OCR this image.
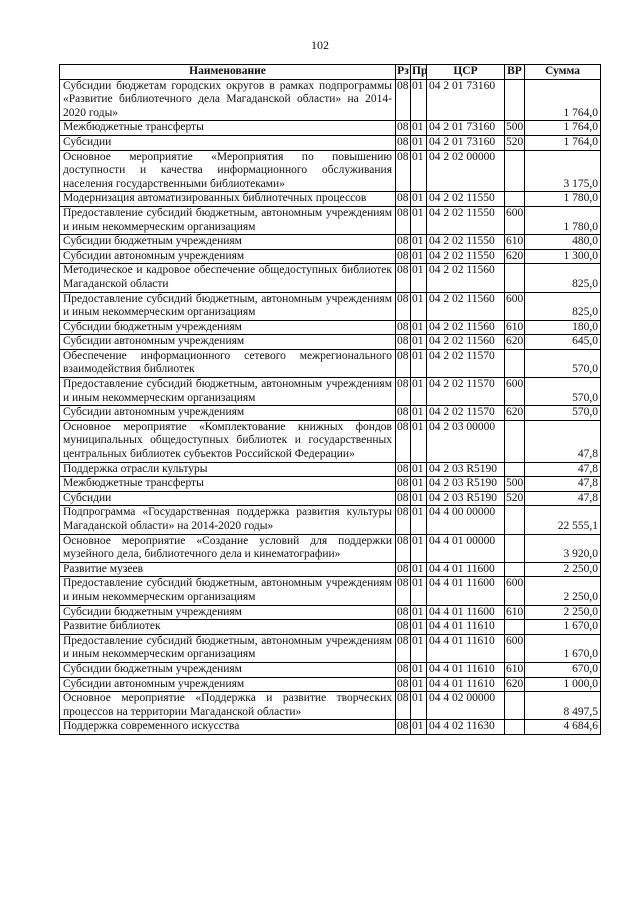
102
Наименование	Рз	Пр	ЦСР	ВР	Сумма
Субсидии бюджетам городских округов в рамках подпрограммы «Развитие библиотечного дела Магаданской области» на 2014-2020 годы»	08	01	04 2 01 73160		1 764,0
Межбюджетные трансферты	08	01	04 2 01 73160	500	1 764,0
Субсидии	08	01	04 2 01 73160	520	1 764,0
Основное мероприятие «Мероприятия по повышению доступности и качества информационного обслуживания населения государственными библиотеками»	08	01	04 2 02 00000		3 175,0
Модернизация автоматизированных библиотечных процессов	08	01	04 2 02 11550		1 780,0
Предоставление субсидий бюджетным, автономным учреждениям и иным некоммерческим организациям	08	01	04 2 02 11550	600	1 780,0
Субсидии бюджетным учреждениям	08	01	04 2 02 11550	610	480,0
Субсидии автономным учреждениям	08	01	04 2 02 11550	620	1 300,0
Методическое и кадровое обеспечение общедоступных библиотек Магаданской области	08	01	04 2 02 11560		825,0
Предоставление субсидий бюджетным, автономным учреждениям и иным некоммерческим организациям	08	01	04 2 02 11560	600	825,0
Субсидии бюджетным учреждениям	08	01	04 2 02 11560	610	180,0
Субсидии автономным учреждениям	08	01	04 2 02 11560	620	645,0
Обеспечение информационного сетевого межрегионального взаимодействия библиотек	08	01	04 2 02 11570		570,0
Предоставление субсидий бюджетным, автономным учреждениям и иным некоммерческим организациям	08	01	04 2 02 11570	600	570,0
Субсидии автономным учреждениям	08	01	04 2 02 11570	620	570,0
Основное мероприятие «Комплектование книжных фондов муниципальных общедоступных библиотек и государственных центральных библиотек субъектов Российской Федерации»	08	01	04 2 03 00000		47,8
Поддержка отрасли культуры	08	01	04 2 03 R5190		47,8
Межбюджетные трансферты	08	01	04 2 03 R5190	500	47,8
Субсидии	08	01	04 2 03 R5190	520	47,8
Подпрограмма «Государственная поддержка развития культуры Магаданской области» на 2014-2020 годы»	08	01	04 4 00 00000		22 555,1
Основное мероприятие «Создание условий для поддержки музейного дела, библиотечного дела и кинематографии»	08	01	04 4 01 00000		3 920,0
Развитие музеев	08	01	04 4 01 11600		2 250,0
Предоставление субсидий бюджетным, автономным учреждениям и иным некоммерческим организациям	08	01	04 4 01 11600	600	2 250,0
Субсидии бюджетным учреждениям	08	01	04 4 01 11600	610	2 250,0
Развитие библиотек	08	01	04 4 01 11610		1 670,0
Предоставление субсидий бюджетным, автономным учреждениям и иным некоммерческим организациям	08	01	04 4 01 11610	600	1 670,0
Субсидии бюджетным учреждениям	08	01	04 4 01 11610	610	670,0
Субсидии автономным учреждениям	08	01	04 4 01 11610	620	1 000,0
Основное мероприятие «Поддержка и развитие творческих процессов на территории Магаданской области»	08	01	04 4 02 00000		8 497,5
Поддержка современного искусства	08	01	04 4 02 11630		4 684,6
